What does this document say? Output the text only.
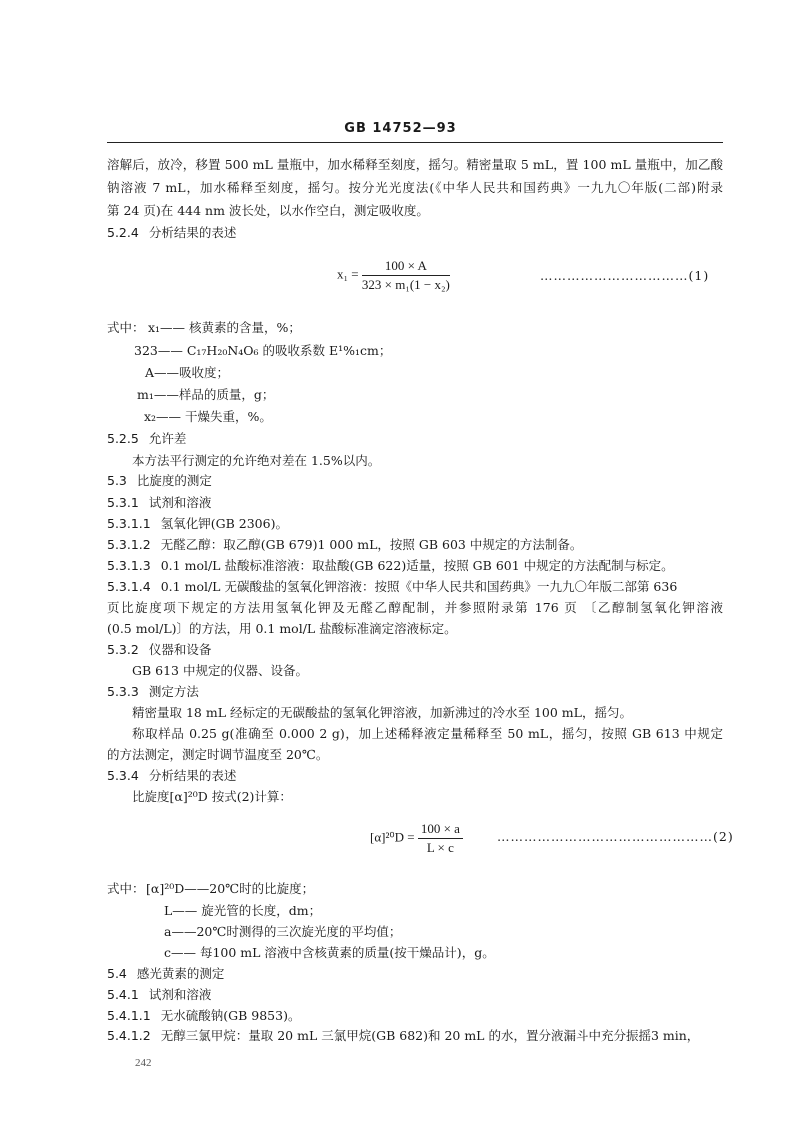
GB 14752—93
溶解后，放冷，移置 500 mL 量瓶中，加水稀释至刻度，摇匀。精密量取 5 mL，置 100 mL 量瓶中，加乙酸
钠溶液 7 mL，加水稀释至刻度，摇匀。按分光光度法(《中华人民共和国药典》一九九〇年版(二部)附录
第 24 页)在 444 nm 波长处，以水作空白，测定吸收度。
5.2.4 分析结果的表述
$x_1 = \frac{100 \times A}{\text{323 × m₁(1 − x₂)}}$	……………………………(1)
式中： x₁—— 核黄素的含量，%；
323—— C₁₇H₂₀N₄O₆ 的吸收系数 E¹%₁cm；
A——吸收度；
m₁——样品的质量，g；
x₂—— 干燥失重，%。
5.2.5 允许差
本方法平行测定的允许绝对差在 1.5%以内。
5.3 比旋度的测定
5.3.1 试剂和溶液
5.3.1.1 氢氧化钾(GB 2306)。
5.3.1.2 无醛乙醇：取乙醇(GB 679)1 000 mL，按照 GB 603 中规定的方法制备。
5.3.1.3 0.1 mol/L 盐酸标准溶液：取盐酸(GB 622)适量，按照 GB 601 中规定的方法配制与标定。
5.3.1.4 0.1 mol/L 无碳酸盐的氢氧化钾溶液：按照《中华人民共和国药典》一九九〇年版二部第 636
页比旋度项下规定的方法用氢氧化钾及无醛乙醇配制，并参照附录第 176 页 〔乙醇制氢氧化钾溶液
(0.5 mol/L)〕的方法，用 0.1 mol/L 盐酸标准滴定溶液标定。
5.3.2 仪器和设备
GB 613 中规定的仪器、设备。
5.3.3 测定方法
精密量取 18 mL 经标定的无碳酸盐的氢氧化钾溶液，加新沸过的冷水至 100 mL，摇匀。
称取样品 0.25 g(准确至 0.000 2 g)，加上述稀释液定量稀释至 50 mL，摇匀，按照 GB 613 中规定
的方法测定，测定时调节温度至 20℃。
5.3.4 分析结果的表述
比旋度[α]²⁰D 按式(2)计算：
$[\alpha]^{20}D = \frac{100 \times a}{L \times c}$	…………………………………………(2)
式中： [α]²⁰D——20℃时的比旋度；
L—— 旋光管的长度，dm；
a——20℃时测得的三次旋光度的平均值；
c—— 每100 mL 溶液中含核黄素的质量(按干燥品计)，g。
5.4 感光黄素的测定
5.4.1 试剂和溶液
5.4.1.1 无水硫酸钠(GB 9853)。
5.4.1.2 无醇三氯甲烷：量取 20 mL 三氯甲烷(GB 682)和 20 mL 的水，置分液漏斗中充分振摇3 min，
242
